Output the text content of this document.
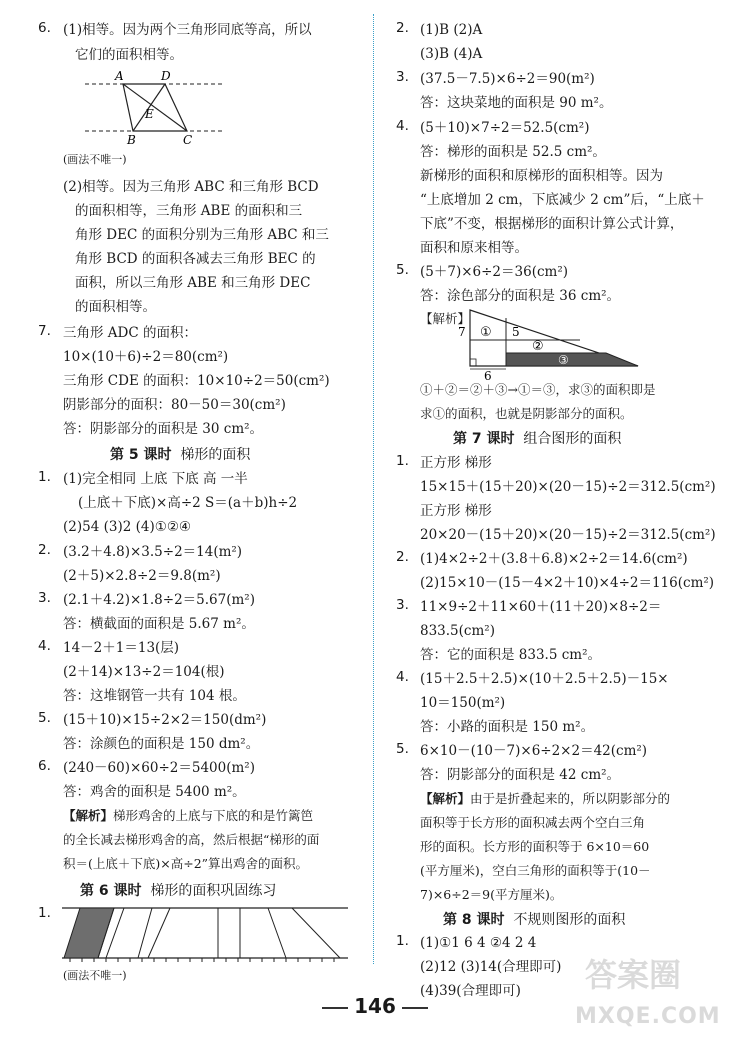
6. (1)相等。因为两个三角形同底等高，所以
它们的面积相等。
A	D
E
B	C
(画法不唯一)
(2)相等。因为三角形 ABC 和三角形 BCD
的面积相等，三角形 ABE 的面积和三
角形 DEC 的面积分别为三角形 ABC 和三
角形 BCD 的面积各减去三角形 BEC 的
面积，所以三角形 ABE 和三角形 DEC
的面积相等。
7. 三角形 ADC 的面积：
10×(10＋6)÷2＝80(cm²)
三角形 CDE 的面积：10×10÷2＝50(cm²)
阴影部分的面积：80－50＝30(cm²)
答：阴影部分的面积是 30 cm²。
第 5 课时 梯形的面积
1. (1)完全相同 上底 下底 高 一半
(上底＋下底)×高÷2 S＝(a＋b)h÷2
(2)54 (3)2 (4)①②④
2. (3.2＋4.8)×3.5÷2＝14(m²)
(2＋5)×2.8÷2＝9.8(m²)
3. (2.1＋4.2)×1.8÷2＝5.67(m²)
答：横截面的面积是 5.67 m²。
4. 14－2＋1＝13(层)
(2＋14)×13÷2＝104(根)
答：这堆钢管一共有 104 根。
5. (15＋10)×15÷2×2＝150(dm²)
答：涂颜色的面积是 150 dm²。
6. (240－60)×60÷2＝5400(m²)
答：鸡舍的面积是 5400 m²。
【解析】梯形鸡舍的上底与下底的和是竹篱笆
的全长减去梯形鸡舍的高，然后根据“梯形的面
积＝(上底＋下底)×高÷2”算出鸡舍的面积。
第 6 课时 梯形的面积巩固练习
1.
(画法不唯一)
2. (1)B (2)A
(3)B (4)A
3. (37.5－7.5)×6÷2＝90(m²)
答：这块菜地的面积是 90 m²。
4. (5＋10)×7÷2＝52.5(cm²)
答：梯形的面积是 52.5 cm²。
新梯形的面积和原梯形的面积相等。因为
“上底增加 2 cm，下底减少 2 cm”后，“上底＋
下底”不变，根据梯形的面积计算公式计算，
面积和原来相等。
5. (5＋7)×6÷2＝36(cm²)
答：涂色部分的面积是 36 cm²。
【解析】
7 ① 5
②
③
6
①＋②＝②＋③→①＝③，求③的面积即是
求①的面积，也就是阴影部分的面积。
第 7 课时 组合图形的面积
1. 正方形 梯形
15×15＋(15＋20)×(20－15)÷2＝312.5(cm²)
正方形 梯形
20×20－(15＋20)×(20－15)÷2＝312.5(cm²)
2. (1)4×2÷2＋(3.8＋6.8)×2÷2＝14.6(cm²)
(2)15×10－(15－4×2＋10)×4÷2＝116(cm²)
3. 11×9÷2＋11×60＋(11＋20)×8÷2＝
833.5(cm²)
答：它的面积是 833.5 cm²。
4. (15＋2.5＋2.5)×(10＋2.5＋2.5)－15×
10＝150(m²)
答：小路的面积是 150 m²。
5. 6×10－(10－7)×6÷2×2＝42(cm²)
答：阴影部分的面积是 42 cm²。
【解析】由于是折叠起来的，所以阴影部分的
面积等于长方形的面积减去两个空白三角
形的面积。长方形的面积等于 6×10＝60
(平方厘米)，空白三角形的面积等于(10－
7)×6÷2＝9(平方厘米)。
第 8 课时 不规则图形的面积
1. (1)①1 6 4 ②4 2 4
(2)12 (3)14(合理即可)
(4)39(合理即可)
146
答案圈
MXQE.COM
